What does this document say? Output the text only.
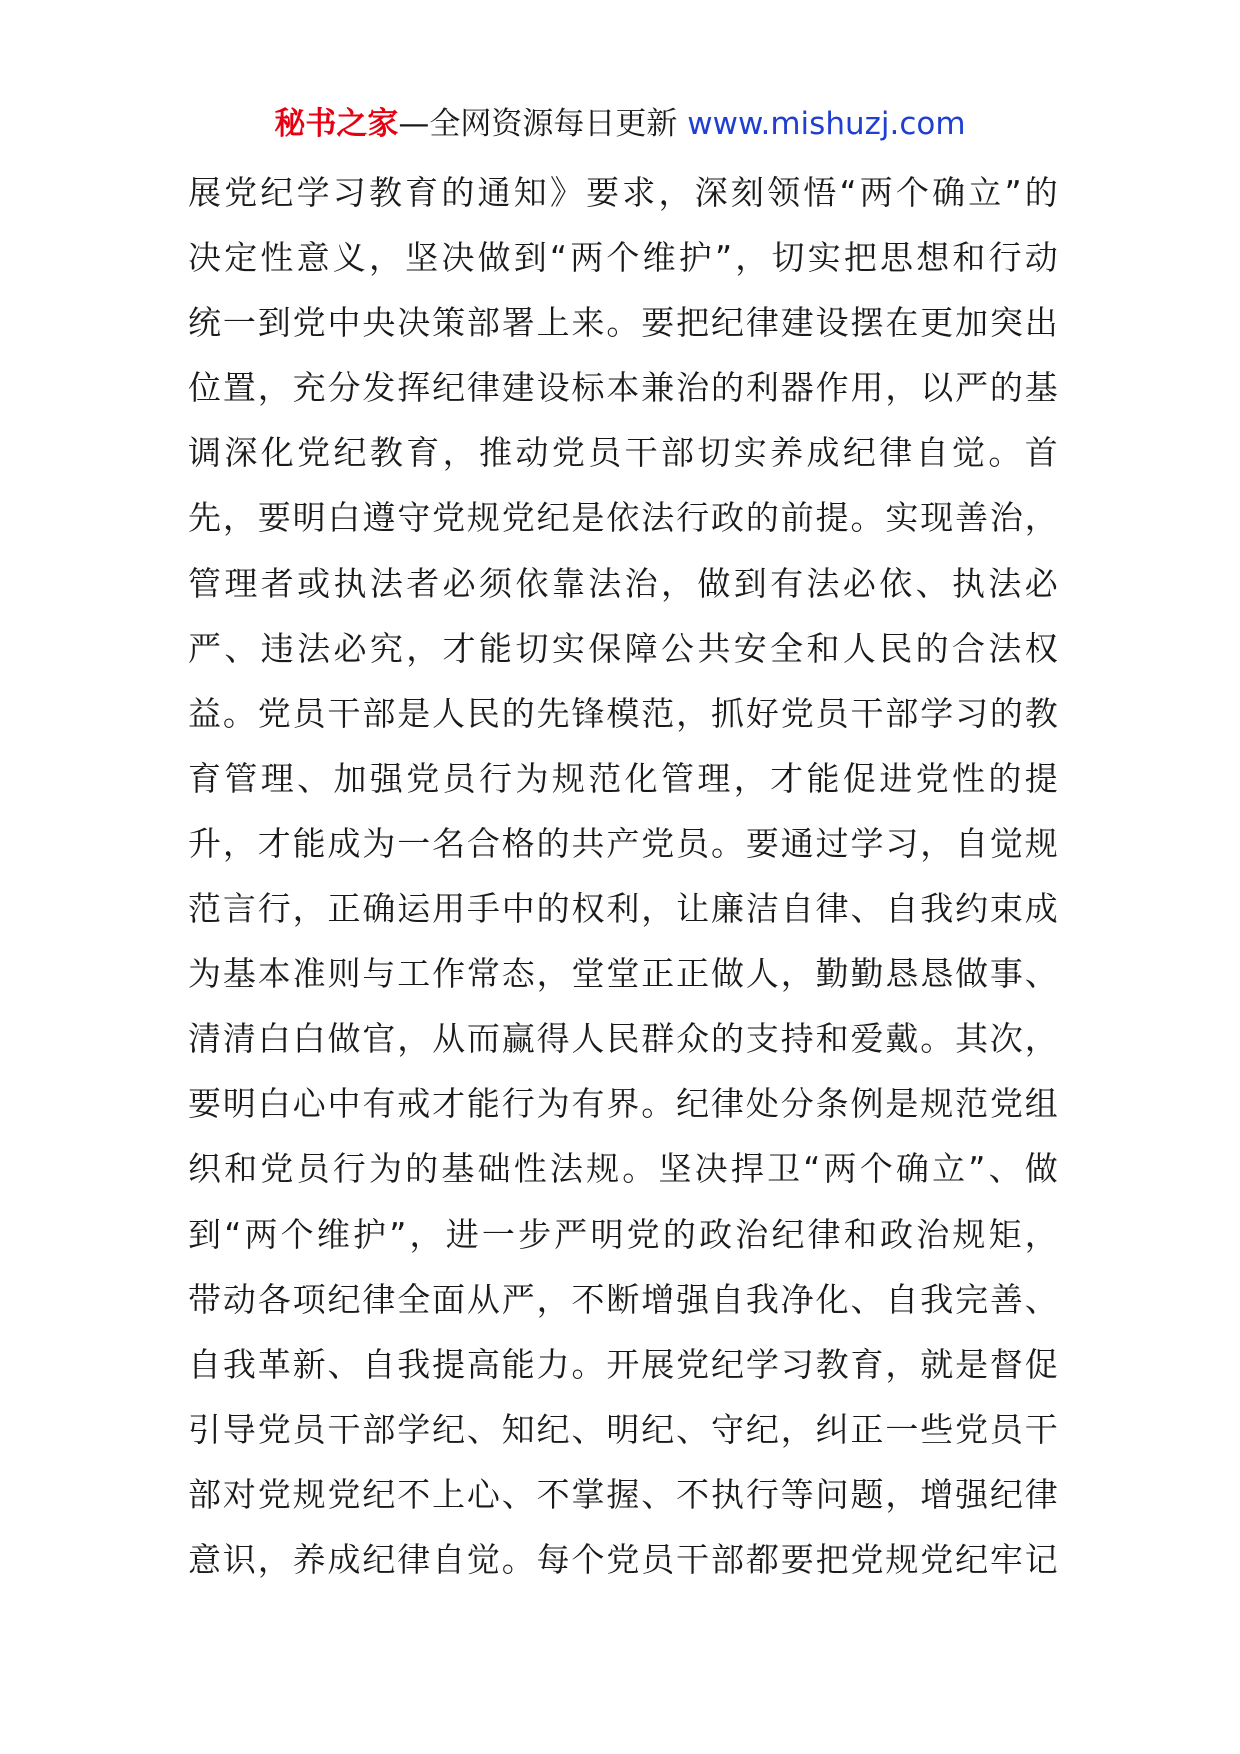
秘书之家—全网资源每日更新 www.mishuzj.com
展党纪学习教育的通知》要求，深刻领悟“两个确立”的
决定性意义，坚决做到“两个维护”，切实把思想和行动
统一到党中央决策部署上来。要把纪律建设摆在更加突出
位置，充分发挥纪律建设标本兼治的利器作用，以严的基
调深化党纪教育，推动党员干部切实养成纪律自觉。首
先，要明白遵守党规党纪是依法行政的前提。实现善治，
管理者或执法者必须依靠法治，做到有法必依、执法必
严、违法必究，才能切实保障公共安全和人民的合法权
益。党员干部是人民的先锋模范，抓好党员干部学习的教
育管理、加强党员行为规范化管理，才能促进党性的提
升，才能成为一名合格的共产党员。要通过学习，自觉规
范言行，正确运用手中的权利，让廉洁自律、自我约束成
为基本准则与工作常态，堂堂正正做人，勤勤恳恳做事、
清清白白做官，从而赢得人民群众的支持和爱戴。其次，
要明白心中有戒才能行为有界。纪律处分条例是规范党组
织和党员行为的基础性法规。坚决捍卫“两个确立”、做
到“两个维护”，进一步严明党的政治纪律和政治规矩，
带动各项纪律全面从严，不断增强自我净化、自我完善、
自我革新、自我提高能力。开展党纪学习教育，就是督促
引导党员干部学纪、知纪、明纪、守纪，纠正一些党员干
部对党规党纪不上心、不掌握、不执行等问题，增强纪律
意识，养成纪律自觉。每个党员干部都要把党规党纪牢记
